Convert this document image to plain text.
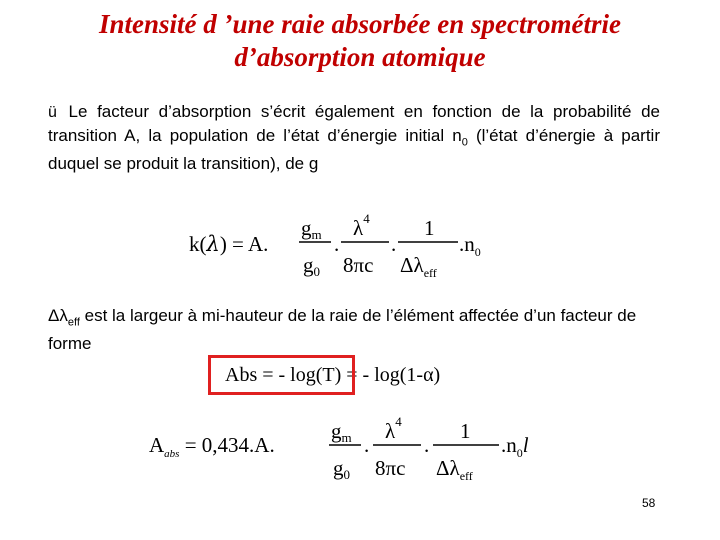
Intensité d ’une raie absorbée en spectrométrie
d’absorption atomique
ü Le facteur d’absorption s’écrit également en fonction de la probabilité de transition A, la population de l’état d’énergie initial $n_0$ (l’état d’énergie à partir duquel se produit la transition), de g
k(λ) = A.
gm
g0
.
$\lambda^4$
8πc
.
1
$\Delta\lambda_{eff}$
$.n_0$
$\Delta\lambda_{eff}$ est la largeur à mi-hauteur de la raie de l’élément affectée d’un facteur de forme
Abs = - log(T) = - log(1-α)
$A_{abs} = 0,434.A$.
gm
g0
.
$\lambda^4$
8πc
.
1
$\Delta\lambda_{eff}$
$.n_0l$
58
